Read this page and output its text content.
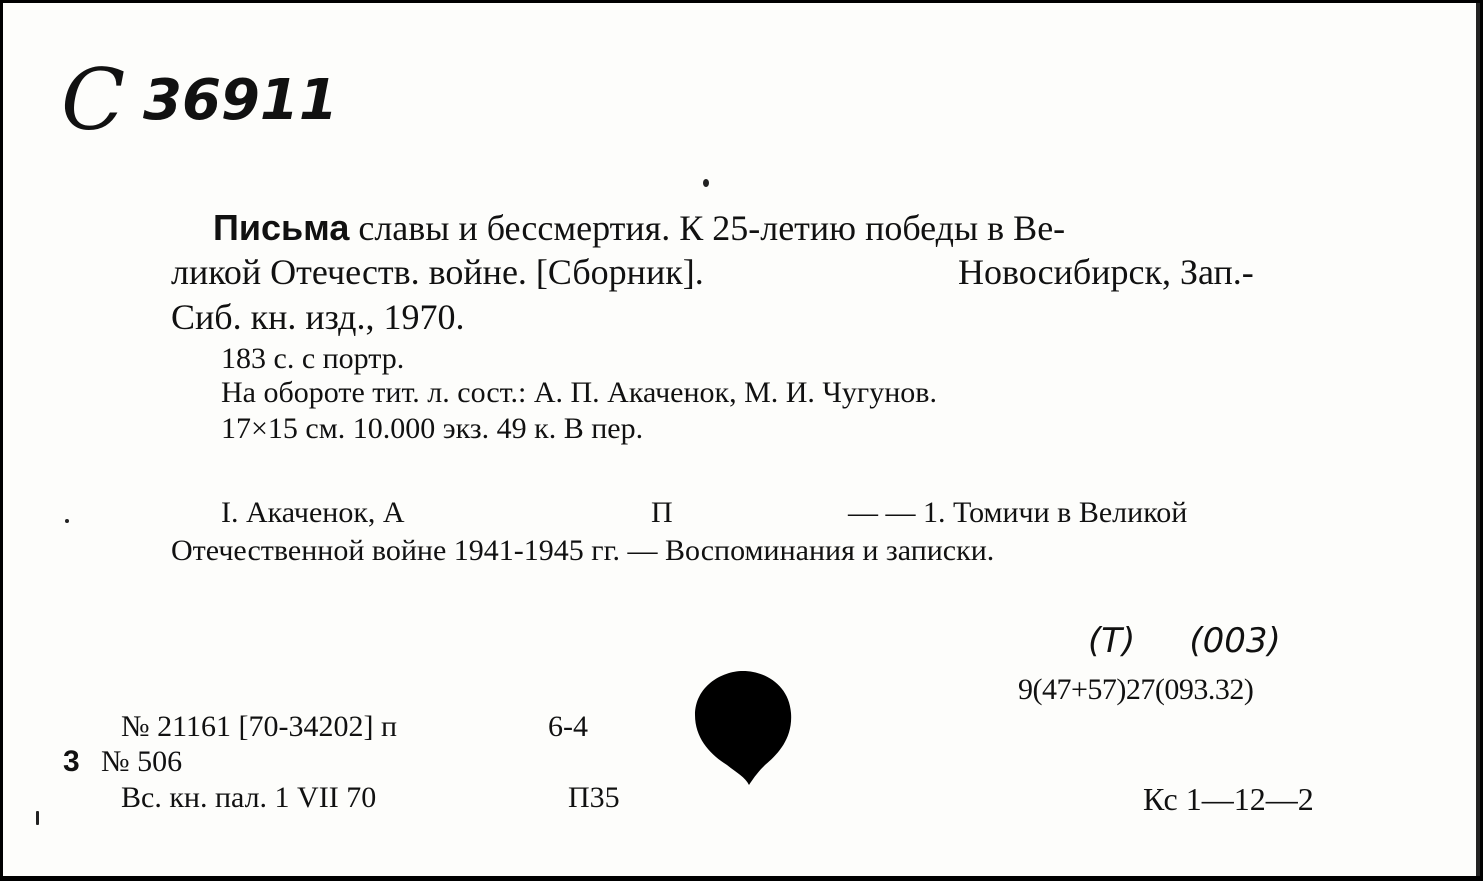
С 36911
Письма славы и бессмертия. К 25-летию победы в Ве-
ликой Отечеств. войне. [Сборник].	Новосибирск, Зап.-
Сиб. кн. изд., 1970.
183 с. с портр.
На обороте тит. л. сост.: А. П. Акаченок, М. И. Чугунов.
17×15 см. 10.000 экз. 49 к. В пер.
I. Акаченок, А	П	— — 1. Томичи в Великой
Отечественной войне 1941-1945 гг. — Воспоминания и записки.
(Т)     (003)
9(47+57)27(093.32)
№ 21161 [70-34202] п	6-4
3 № 506
Вс. кн. пал. 1 VII 70	П35	Кс 1—12—2
